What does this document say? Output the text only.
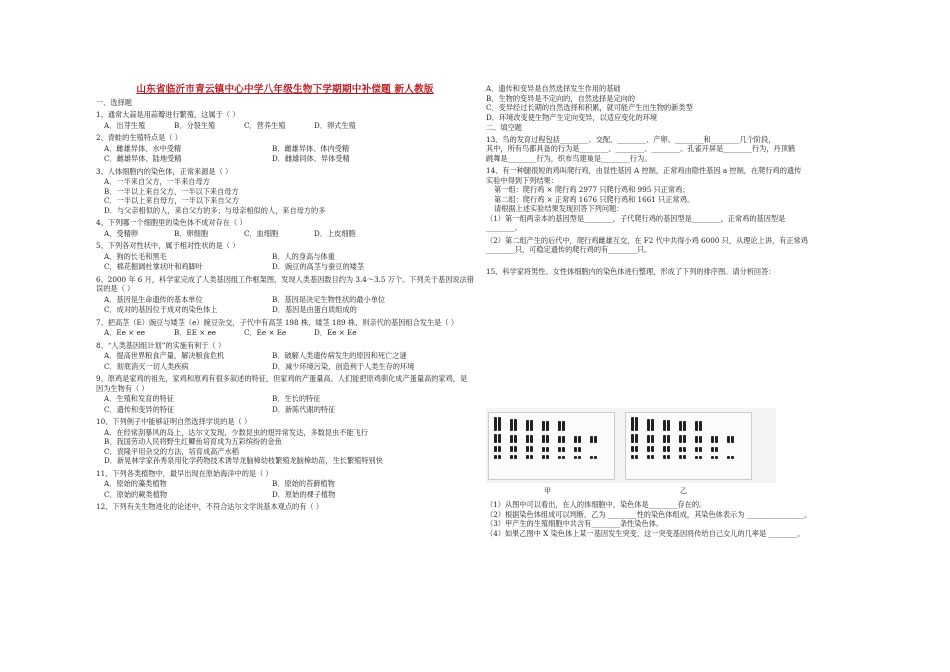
山东省临沂市青云镇中心中学八年级生物下学期期中补偿题 新人教版

一、选择题

1、通常大蒜是用蒜瓣进行繁殖，这属于（ ）

A．出芽生殖	B．分裂生殖	C．营养生殖	D．卵式生殖

2、青蛙的生殖特点是（ ）

A．雌雄异体、水中受精	B．雌雄异体、体内受精
C．雌雄异体、陆地受精	D．雌雄同体、异体受精

3、人体细胞内的染色体，正常来源是（ ）

A．一半来自父方，一半来自母方

B．一半以上来自父方，一半以下来自母方

C．一半以上来自母方，一半以下来自父方

D．与父亲相似的人，来自父方的多；与母亲相似的人，来自母方的多

4、下列哪一个细胞里的染色体不成对存在（ ）

A．受精卵	B．卵细胞	C．血细胞	D．上皮细胞

5、下列各对性状中，属于相对性状的是（ ）

A．狗的长毛和黑毛	B．人的身高与体重
C．棉花掘阔杜掌状叶和鸡脚叶	D．豌豆的高茎与蚕豆的矮茎

6、2000 年 6 月，科学家完成了人类基因组工作框架图，发现人类基因数目约为 3.4～3.5 万个。下列关于基因说法错误的是（ ）

A．基因是生命遗传的基本单位	B．基因是决定生物性状的最小单位
C．成对的基因位于成对的染色体上	D．基因是由蛋白质组成的

7、把高茎（E）豌豆与矮茎（e）豌豆杂交，子代中有高茎 198 株、矮茎 189 株，则亲代的基因组合发生是（ ）

A．Ee × ee	B．EE × ee	C．Ee × Ee	D．Ee × Ee

8、“人类基因组计划”的实施有利于（ ）

A．提高世界粮食产量，解决粮食危机	B．破解人类遗传病发生的原因和死亡之谜
C．彻底消灭一切人类疾病	D．减少环境污染，创造利于人类生存的环境

9、原鸡是家鸡的祖先，家鸡和原鸡有很多叙述的特征，但家鸡的产蛋量高。人们能把原鸡驯化成产蛋量高的家鸡，是因为生物有（ ）

A．生殖和发育的特征	B．生长的特征
C．遗传和变异的特征	D．新陈代谢的特征

10、下列例子中能够证明自然选择学说的是（ ）

A．在经常刮暴风的岛上，达尔文发现，少数昆虫的翅异常发达，多数昆虫不能飞行

B．我国劳动人民将野生红鲫鱼培育成为五彩缤纷的金鱼

C．袁隆平用杂交的方法，培育成高产水稻

D．新晃林学家孙秀泉用化学药物技术诱导龙脑樟幼枝繁殖龙脑樟幼苗，生长繁殖特别快

11、下列各类植物中，最早出现在原始海洋中的是（ ）

A．原始的藻类植物	B．原始的苔藓植物
C．原始的蕨类植物	D．原始的裸子植物

12、下列有关生物进化的论述中，不符合达尔文学说基本观点的有（ ）

A．遗传和变异是自然选择发生作用的基础

B．生物的变异是不定向的，自然选择是定向的

C．变异经过长期的自然选择和积累，就可能产生出生物的新类型

D．环境改变使生物产生定向变异，以适应变化的环境

二、填空题

13、鸟的发育过程包括________、交配、________、产卵、________和________几个阶段，

其中，所有鸟都具备的行为是________、________、________。孔雀开屏是________行为，丹顶鹤

跳舞是________行为，织布鸟建巢是________行为。

14、有一种腿很短的鸡叫爬行鸡，由显性基因 A 控制，正常鸡由隐性基因 a 控制，在爬行鸡的遗传

实验中得到下列结果：

第一组：爬行鸡 × 爬行鸡 2977 只爬行鸡和 995 只正常鸡；

第二组：爬行鸡 × 正常鸡 1676 只爬行鸡和 1661 只正常鸡。

请根据上述实验结果发现回答下列问题：

（1）第一组两亲本的基因型是________，子代爬行鸡的基因型是________，正常鸡的基因型是

________。

（2）第二组产生的后代中，爬行鸡雌雄互交，在 F2 代中共得小鸡 6000 只，从理论上讲，有正常鸡

________只，可稳定遗传的爬行鸡的有________只。

15、科学家将男性、女性体细胞内的染色体进行整理，形成了下列的排序图。请分析回答：

甲	乙

（1）从图中可以看出，在人的体细胞中，染色体是________存在的。

（2）根据染色体组成可以判断，乙为 ________性的染色体组成，其染色体表示为 ________________。

（3）甲产生的生殖细胞中共含有________条性染色体。

（4）如果乙图中 X 染色体上某一基因发生突变，这一突变基因将传给自己女儿的几率是 ________。
